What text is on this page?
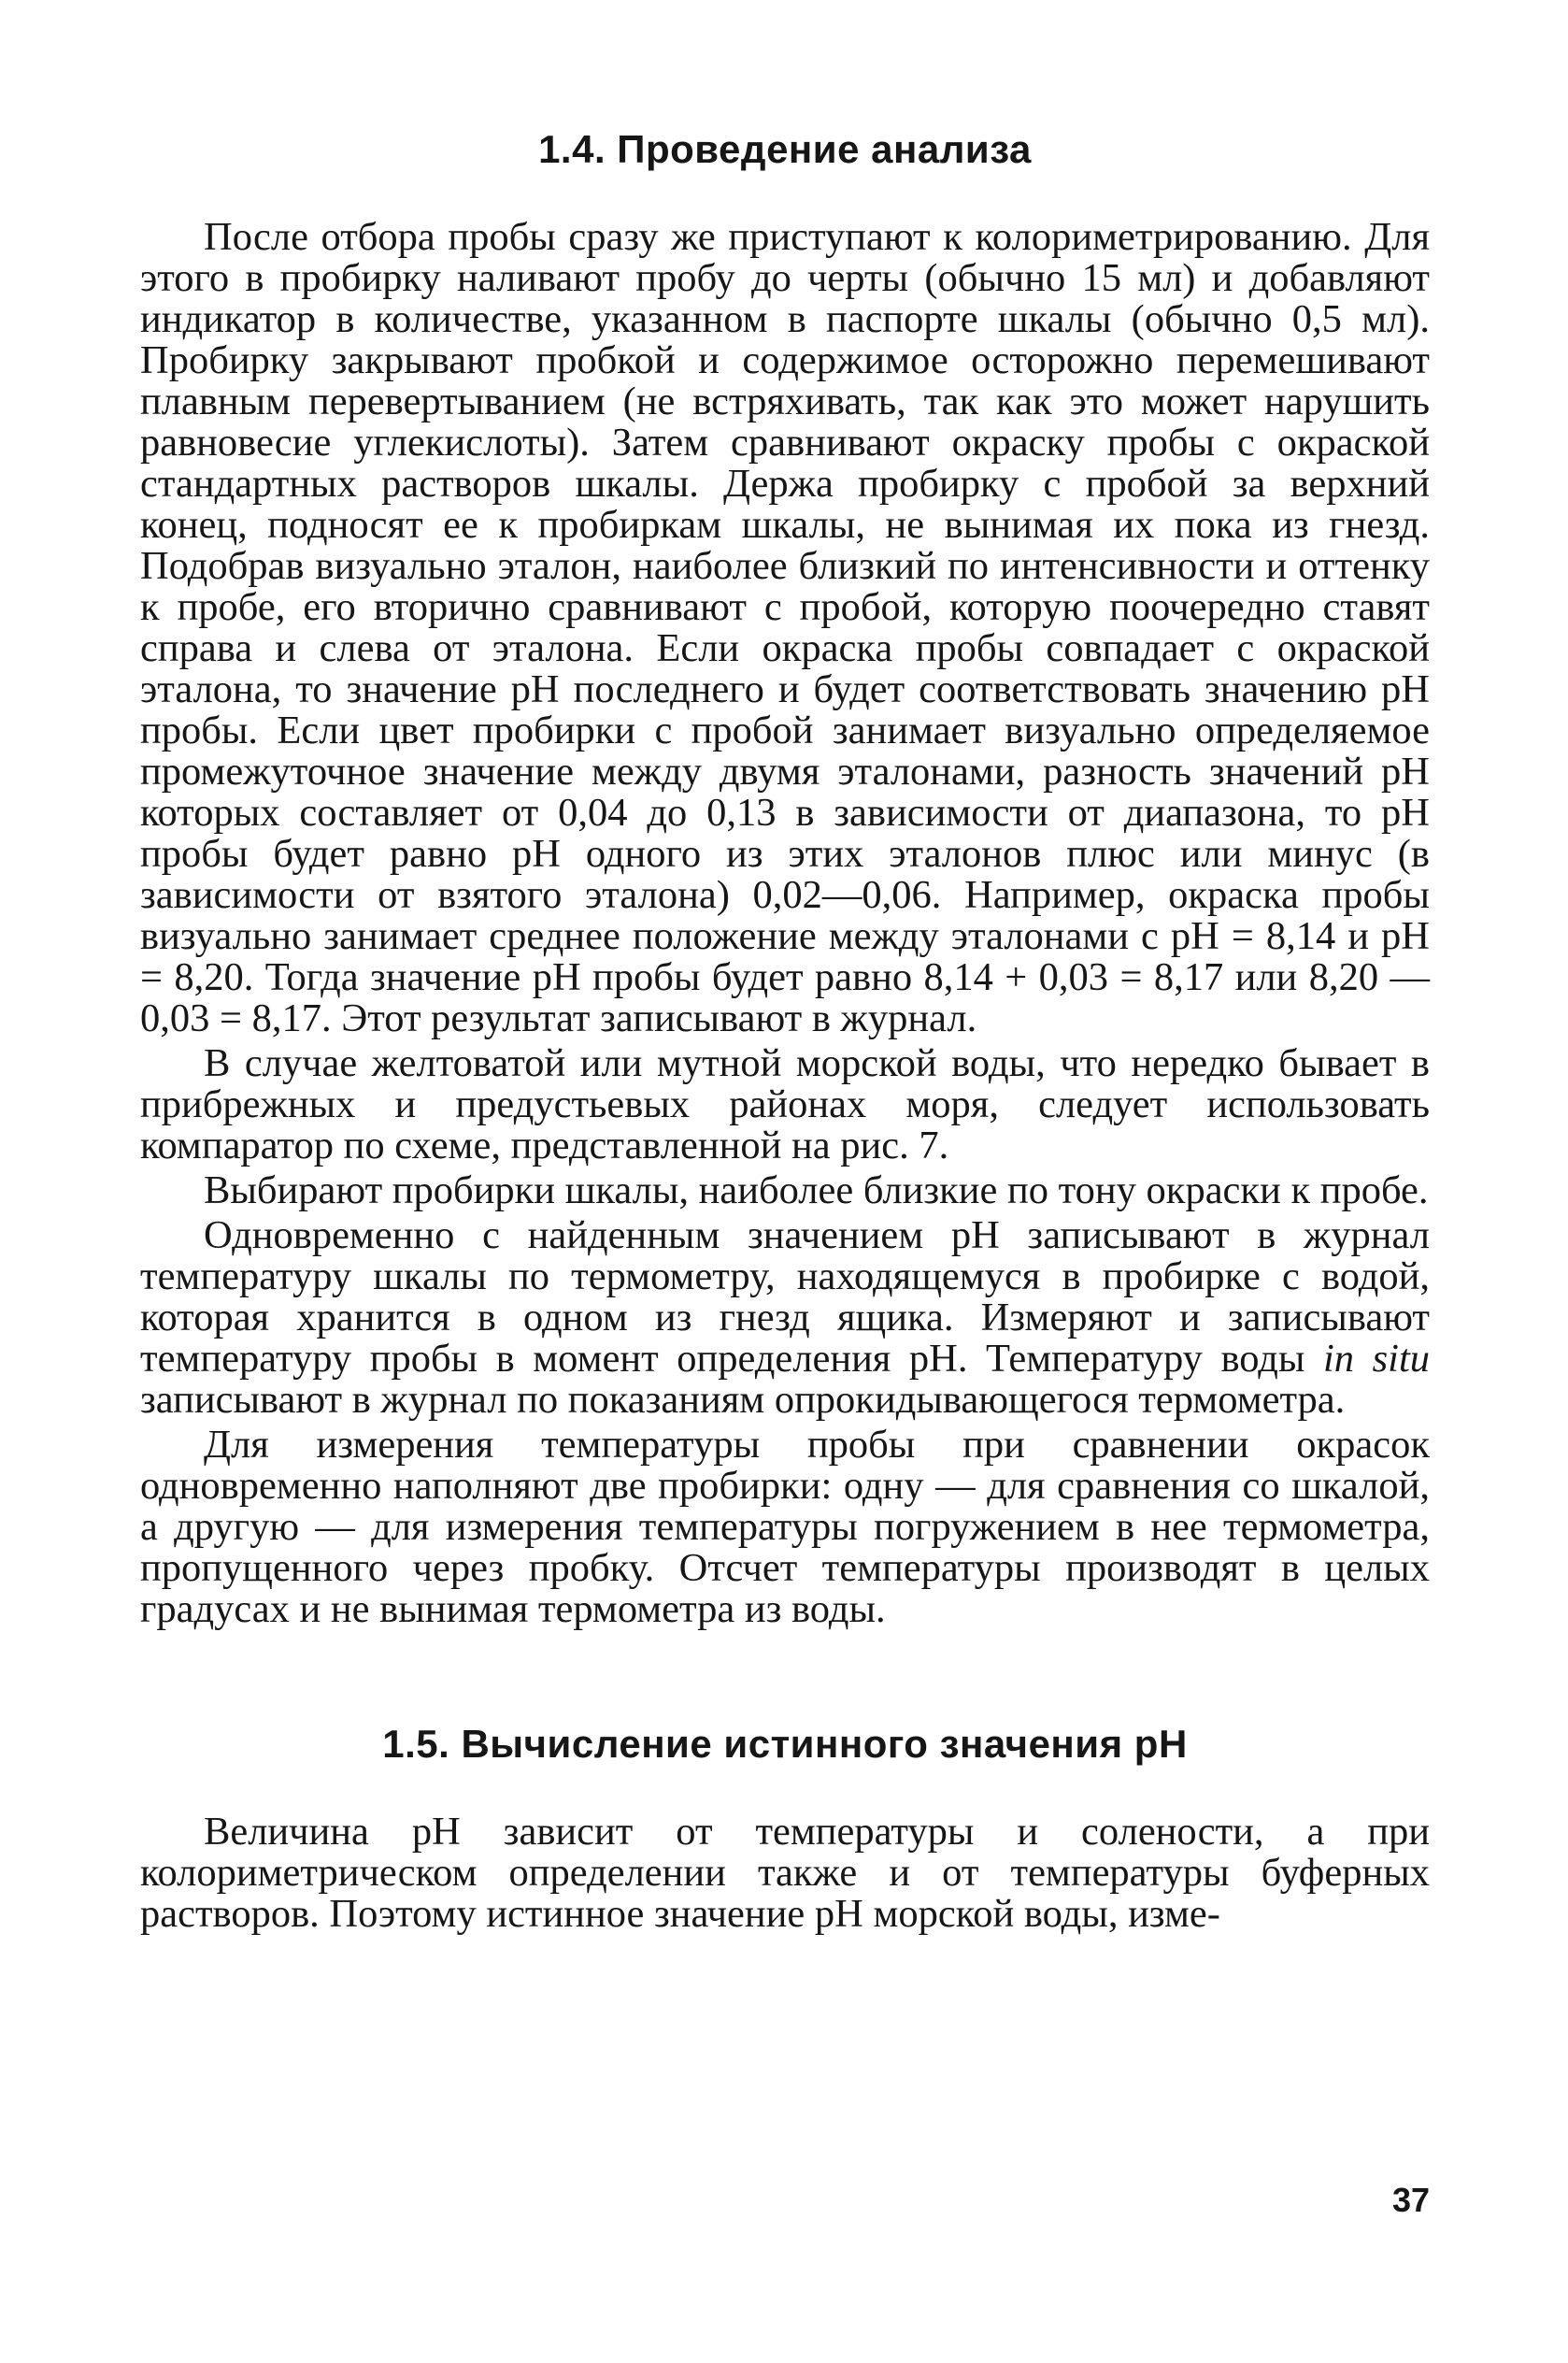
1.4. Проведение анализа

После отбора пробы сразу же приступают к колориметрированию. Для этого в пробирку наливают пробу до черты (обычно 15 мл) и добавляют индикатор в количестве, указанном в паспорте шкалы (обычно 0,5 мл). Пробирку закрывают пробкой и содержимое осторожно перемешивают плавным перевертыванием (не встряхивать, так как это может нарушить равновесие углекислоты). Затем сравнивают окраску пробы с окраской стандартных растворов шкалы. Держа пробирку с пробой за верхний конец, подносят ее к пробиркам шкалы, не вынимая их пока из гнезд. Подобрав визуально эталон, наиболее близкий по интенсивности и оттенку к пробе, его вторично сравнивают с пробой, которую поочередно ставят справа и слева от эталона. Если окраска пробы совпадает с окраской эталона, то значение pH последнего и будет соответствовать значению pH пробы. Если цвет пробирки с пробой занимает визуально определяемое промежуточное значение между двумя эталонами, разность значений pH которых составляет от 0,04 до 0,13 в зависимости от диапазона, то pH пробы будет равно pH одного из этих эталонов плюс или минус (в зависимости от взятого эталона) 0,02—0,06. Например, окраска пробы визуально занимает среднее положение между эталонами с pH = 8,14 и pH = 8,20. Тогда значение pH пробы будет равно 8,14 + 0,03 = 8,17 или 8,20 — 0,03 = 8,17. Этот результат записывают в журнал.

В случае желтоватой или мутной морской воды, что нередко бывает в прибрежных и предустьевых районах моря, следует использовать компаратор по схеме, представленной на рис. 7.

Выбирают пробирки шкалы, наиболее близкие по тону окраски к пробе.

Одновременно с найденным значением pH записывают в журнал температуру шкалы по термометру, находящемуся в пробирке с водой, которая хранится в одном из гнезд ящика. Измеряют и записывают температуру пробы в момент определения pH. Температуру воды in situ записывают в журнал по показаниям опрокидывающегося термометра.

Для измерения температуры пробы при сравнении окрасок одновременно наполняют две пробирки: одну — для сравнения со шкалой, а другую — для измерения температуры погружением в нее термометра, пропущенного через пробку. Отсчет температуры производят в целых градусах и не вынимая термометра из воды.

1.5. Вычисление истинного значения pH

Величина pH зависит от температуры и солености, а при колориметрическом определении также и от температуры буферных растворов. Поэтому истинное значение pH морской воды, изме-

37
